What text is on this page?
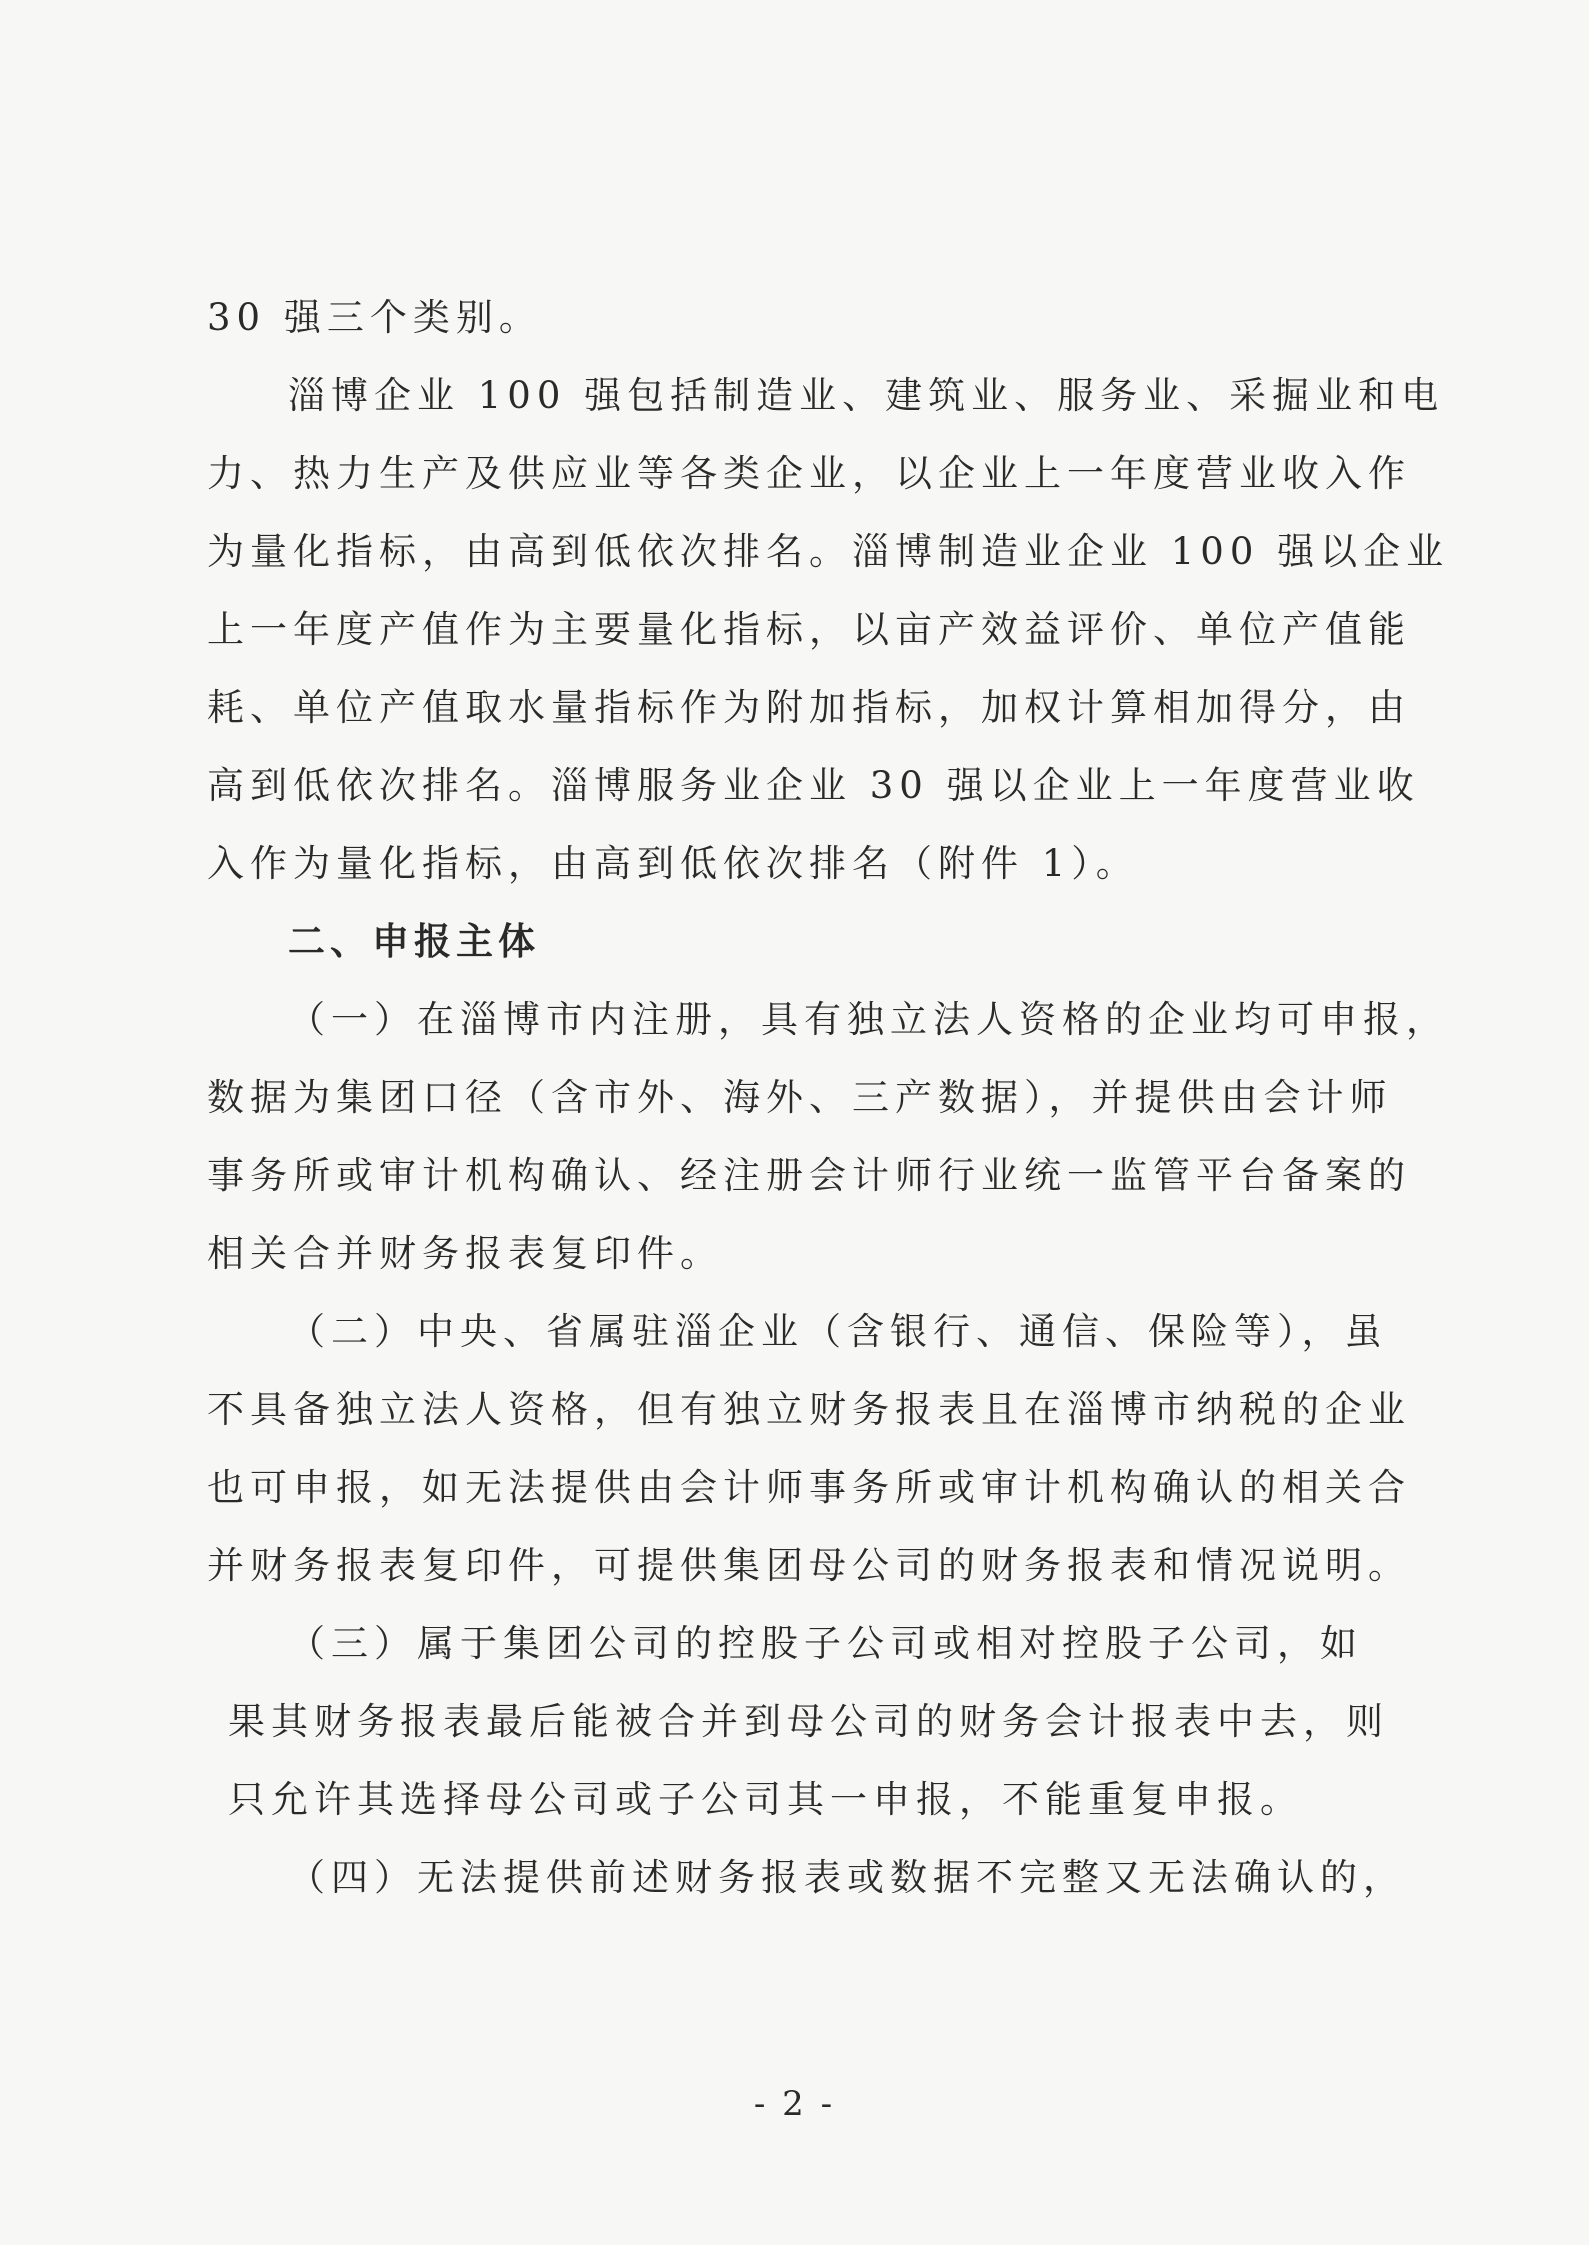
30 强三个类别。
淄博企业 100 强包括制造业、建筑业、服务业、采掘业和电
力、热力生产及供应业等各类企业，以企业上一年度营业收入作
为量化指标，由高到低依次排名。淄博制造业企业 100 强以企业
上一年度产值作为主要量化指标，以亩产效益评价、单位产值能
耗、单位产值取水量指标作为附加指标，加权计算相加得分，由
高到低依次排名。淄博服务业企业 30 强以企业上一年度营业收
入作为量化指标，由高到低依次排名（附件 1）。
二、申报主体
（一）在淄博市内注册，具有独立法人资格的企业均可申报，
数据为集团口径（含市外、海外、三产数据），并提供由会计师
事务所或审计机构确认、经注册会计师行业统一监管平台备案的
相关合并财务报表复印件。
（二）中央、省属驻淄企业（含银行、通信、保险等），虽
不具备独立法人资格，但有独立财务报表且在淄博市纳税的企业
也可申报，如无法提供由会计师事务所或审计机构确认的相关合
并财务报表复印件，可提供集团母公司的财务报表和情况说明。
（三）属于集团公司的控股子公司或相对控股子公司，如
果其财务报表最后能被合并到母公司的财务会计报表中去，则
只允许其选择母公司或子公司其一申报，不能重复申报。
（四）无法提供前述财务报表或数据不完整又无法确认的，
- 2 -
